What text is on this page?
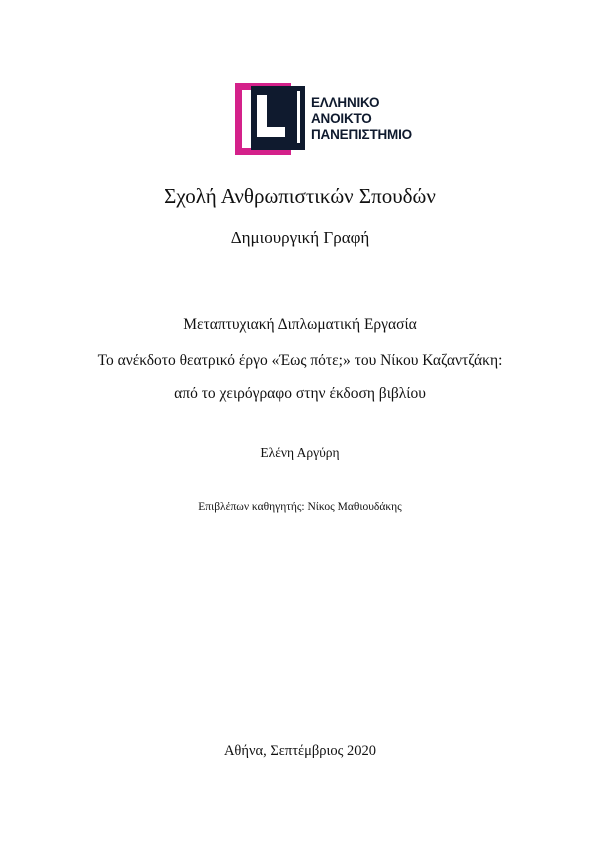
ΕΛΛΗΝΙΚΟ
ΑΝΟΙΚΤΟ
ΠΑΝΕΠΙΣΤΗΜΙΟ
Σχολή Ανθρωπιστικών Σπουδών
Δημιουργική Γραφή
Μεταπτυχιακή Διπλωματική Εργασία
Το ανέκδοτο θεατρικό έργο «Έως πότε;» του Νίκου Καζαντζάκη:
από το χειρόγραφο στην έκδοση βιβλίου
Ελένη Αργύρη
Επιβλέπων καθηγητής: Νίκος Μαθιουδάκης
Αθήνα, Σεπτέμβριος 2020
